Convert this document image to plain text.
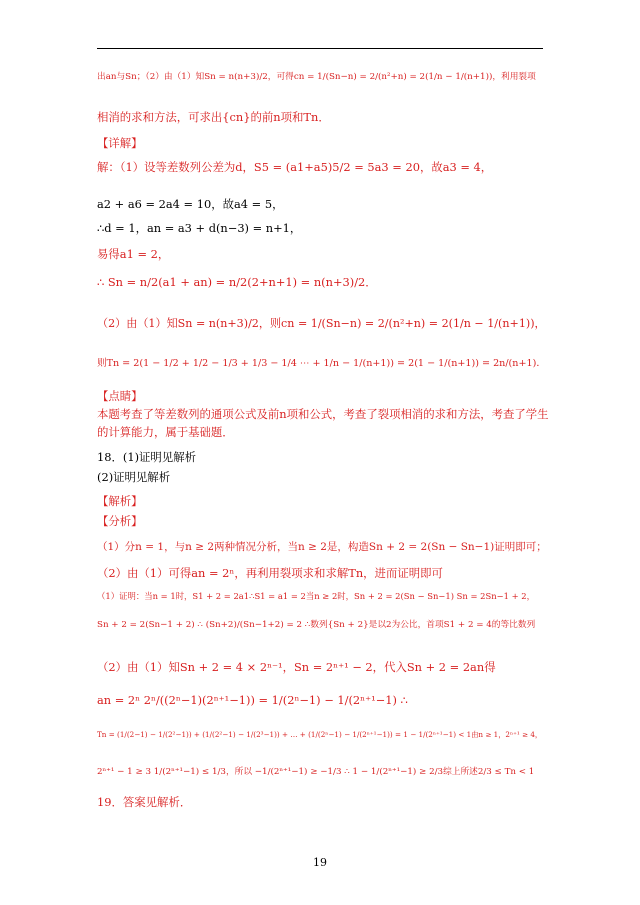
出an与Sn；（2）由（1）知Sn = n(n+3)/2，可得cn = 1/(Sn−n) = 2/(n²+n) = 2(1/n − 1/(n+1))，利用裂项

相消的求和方法，可求出{cn}的前n项和Tn．

【详解】

解：（1）设等差数列公差为d，S5 = (a1+a5)5/2 = 5a3 = 20，故a3 = 4，

a2 + a6 = 2a4 = 10，故a4 = 5，

∴d = 1，an = a3 + d(n−3) = n+1，

易得a1 = 2，

∴ Sn = n/2(a1 + an) = n/2(2+n+1) = n(n+3)/2．

（2）由（1）知Sn = n(n+3)/2，则cn = 1/(Sn−n) = 2/(n²+n) = 2(1/n − 1/(n+1))，

则Tn = 2(1 − 1/2 + 1/2 − 1/3 + 1/3 − 1/4 ⋯ + 1/n − 1/(n+1)) = 2(1 − 1/(n+1)) = 2n/(n+1)．

【点睛】

本题考查了等差数列的通项公式及前n项和公式，考查了裂项相消的求和方法，考查了学生

的计算能力，属于基础题．

18．(1)证明见解析

(2)证明见解析

【解析】

【分析】

（1）分n = 1，与n ≥ 2两种情况分析，当n ≥ 2是，构造Sn + 2 = 2(Sn − Sn−1)证明即可；

（2）由（1）可得an = 2ⁿ，再利用裂项求和求解Tn，进而证明即可

（1）证明：当n = 1时，S1 + 2 = 2a1∴S1 = a1 = 2当n ≥ 2时，Sn + 2 = 2(Sn − Sn−1) Sn = 2Sn−1 + 2，

Sn + 2 = 2(Sn−1 + 2) ∴ (Sn+2)/(Sn−1+2) = 2 ∴数列{Sn + 2}是以2为公比，首项S1 + 2 = 4的等比数列

（2）由（1）知Sn + 2 = 4 × 2ⁿ⁻¹，Sn = 2ⁿ⁺¹ − 2，代入Sn + 2 = 2an得

an = 2ⁿ 2ⁿ/((2ⁿ−1)(2ⁿ⁺¹−1)) = 1/(2ⁿ−1) − 1/(2ⁿ⁺¹−1) ∴

Tn = (1/(2−1) − 1/(2²−1)) + (1/(2²−1) − 1/(2³−1)) + … + (1/(2ⁿ−1) − 1/(2ⁿ⁺¹−1)) = 1 − 1/(2ⁿ⁺¹−1) < 1由n ≥ 1，2ⁿ⁺¹ ≥ 4，

2ⁿ⁺¹ − 1 ≥ 3 1/(2ⁿ⁺¹−1) ≤ 1/3，所以 −1/(2ⁿ⁺¹−1) ≥ −1/3 ∴ 1 − 1/(2ⁿ⁺¹−1) ≥ 2/3综上所述2/3 ≤ Tn < 1

19．答案见解析．

19
